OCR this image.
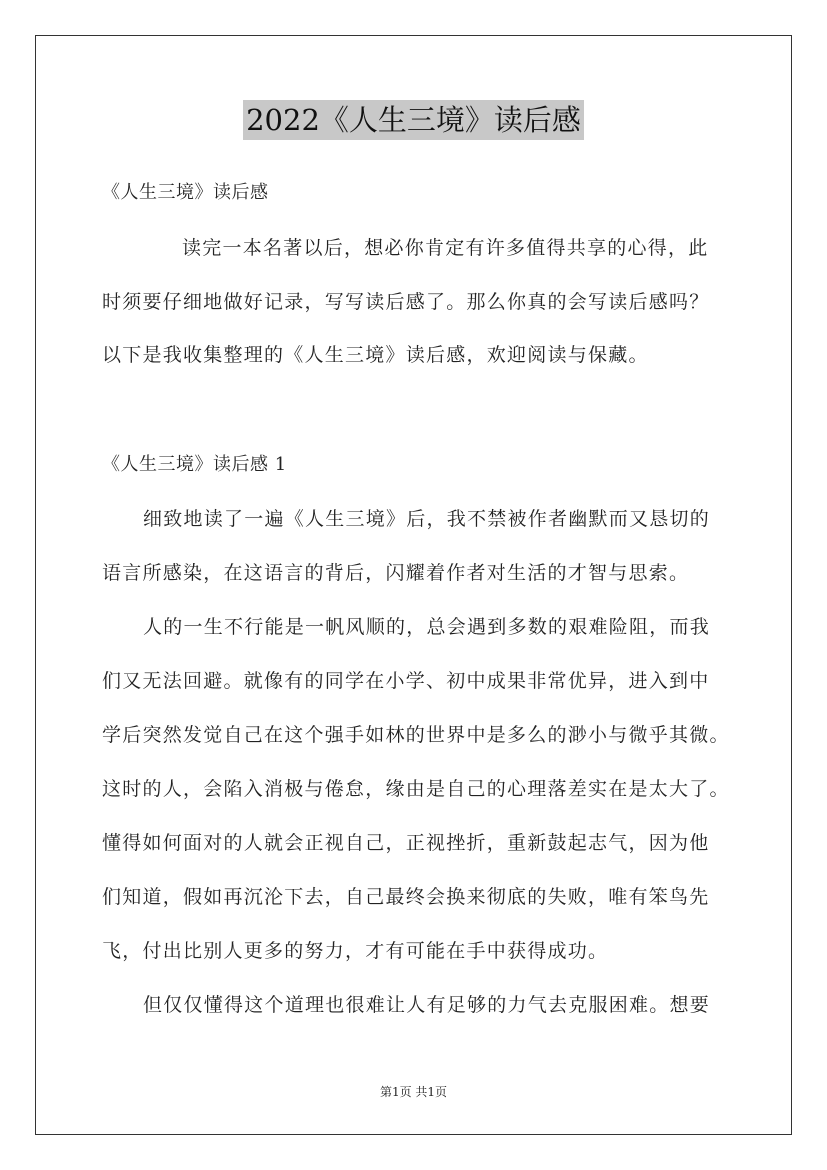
2022《人生三境》读后感
《人生三境》读后感
读完一本名著以后，想必你肯定有许多值得共享的心得，此
时须要仔细地做好记录，写写读后感了。那么你真的会写读后感吗？
以下是我收集整理的《人生三境》读后感，欢迎阅读与保藏。
《人生三境》读后感 1
细致地读了一遍《人生三境》后，我不禁被作者幽默而又恳切的
语言所感染，在这语言的背后，闪耀着作者对生活的才智与思索。
人的一生不行能是一帆风顺的，总会遇到多数的艰难险阻，而我
们又无法回避。就像有的同学在小学、初中成果非常优异，进入到中
学后突然发觉自己在这个强手如林的世界中是多么的渺小与微乎其微。
这时的人，会陷入消极与倦怠，缘由是自己的心理落差实在是太大了。
懂得如何面对的人就会正视自己，正视挫折，重新鼓起志气，因为他
们知道，假如再沉沦下去，自己最终会换来彻底的失败，唯有笨鸟先
飞，付出比别人更多的努力，才有可能在手中获得成功。
但仅仅懂得这个道理也很难让人有足够的力气去克服困难。想要
第1页 共1页
